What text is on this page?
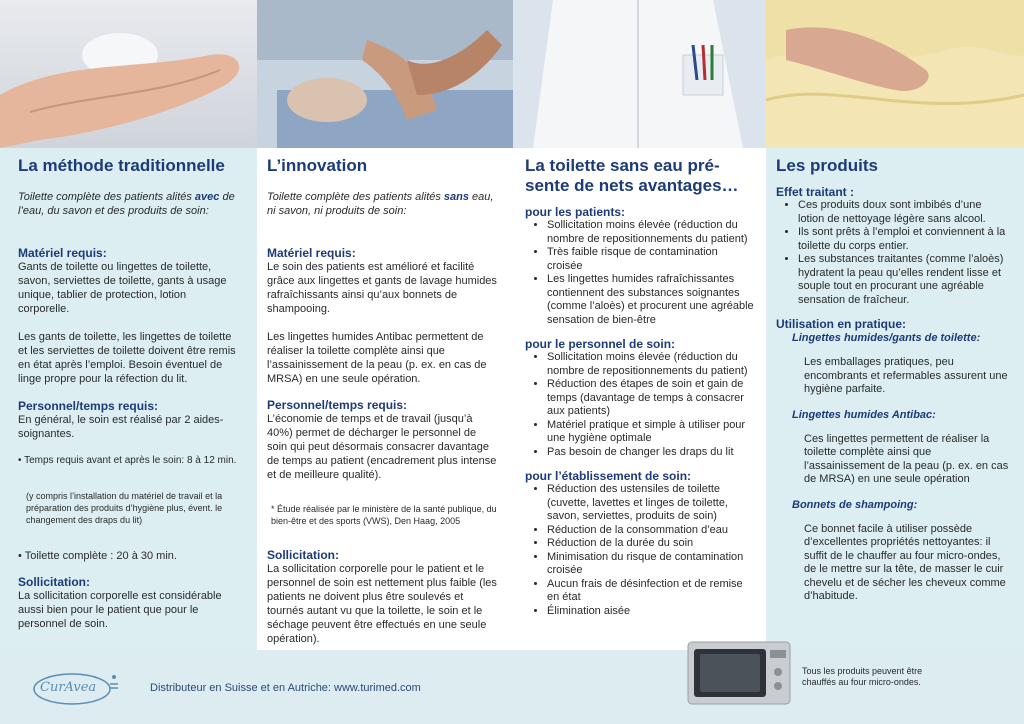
La méthode traditionnelle

Toilette complète des patients alités avec de l’eau, du savon et des produits de soin:

Matériel requis:

Gants de toilette ou lingettes de toilette, savon, serviettes de toilette, gants à usage unique, tablier de protection, lotion corporelle.

Les gants de toilette, les lingettes de toilette et les serviettes de toilette doivent être remis en état après l’emploi. Besoin éventuel de linge propre pour la réfection du lit.

Personnel/temps requis:

En général, le soin est réalisé par 2 aides-soignantes.

• Temps requis avant et après le soin: 8 à 12 min.

(y compris l’installation du matériel de travail et la préparation des produits d’hygiène plus, évent. le changement des draps du lit)

• Toilette complète : 20 à 30 min.

Sollicitation:

La sollicitation corporelle est considérable aussi bien pour le patient que pour le personnel de soin.

L’innovation

Toilette complète des patients alités sans eau, ni savon, ni produits de soin:

Matériel requis:

Le soin des patients est amélioré et facilité grâce aux lingettes et gants de lavage humides rafraîchissants ainsi qu’aux bonnets de shampooing.

Les lingettes humides Antibac permettent de réaliser la toilette complète ainsi que l’assainissement de la peau (p. ex. en cas de MRSA) en une seule opération.

Personnel/temps requis:

L’économie de temps et de travail (jusqu’à 40%) permet de décharger le personnel de soin qui peut désormais consacrer davantage de temps au patient (encadrement plus intense et de meilleure qualité).

* Étude réalisée par le ministère de la santé publique, du bien-être et des sports (VWS), Den Haag, 2005

Sollicitation:

La sollicitation corporelle pour le patient et le personnel de soin est nettement plus faible (les patients ne doivent plus être soulevés et tournés autant vu que la toilette, le soin et le séchage peuvent être effectués en une seule opération).

La toilette sans eau pré-sente de nets avantages…

pour les patients:

• Sollicitation moins élevée (réduction du nombre de repositionnements du patient)
• Très faible risque de contamination croisée
• Les lingettes humides rafraîchissantes contiennent des substances soignantes (comme l’aloès) et procurent une agréable sensation de bien-être

pour le personnel de soin:

• Sollicitation moins élevée (réduction du nombre de repositionnements du patient)
• Réduction des étapes de soin et gain de temps (davantage de temps à consacrer aux patients)
• Matériel pratique et simple à utiliser pour une hygiène optimale
• Pas besoin de changer les draps du lit

pour l’établissement de soin:

• Réduction des ustensiles de toilette (cuvette, lavettes et linges de toilette, savon, serviettes, produits de soin)
• Réduction de la consommation d’eau
• Réduction de la durée du soin
• Minimisation du risque de contamination croisée
• Aucun frais de désinfection et de remise en état
• Élimination aisée
Les produits

Effet traitant :

• Ces produits doux sont imbibés d’une lotion de nettoyage légère sans alcool.
• Ils sont prêts à l’emploi et conviennent à la toilette du corps entier.
• Les substances traitantes (comme l’aloès) hydratent la peau qu’elles rendent lisse et souple tout en procurant une agréable sensation de fraîcheur.

Utilisation en pratique:

Lingettes humides/gants de toilette:

Les emballages pratiques, peu encombrants et refermables assurent une hygiène parfaite.

Lingettes humides Antibac:

Ces lingettes permettent de réaliser la toilette complète ainsi que l’assainissement de la peau (p. ex. en cas de MRSA) en une seule opération

Bonnets de shampoing:

Ce bonnet facile à utiliser possède d’excellentes propriétés nettoyantes: il suffit de le chauffer au four micro-ondes, de le mettre sur la tête, de masser le cuir chevelu et de sécher les cheveux comme d’habitude.

CurAvea	Distributeur en Suisse et en Autriche: www.turimed.com
Tous les produits peuvent être chauffés au four micro-ondes.
